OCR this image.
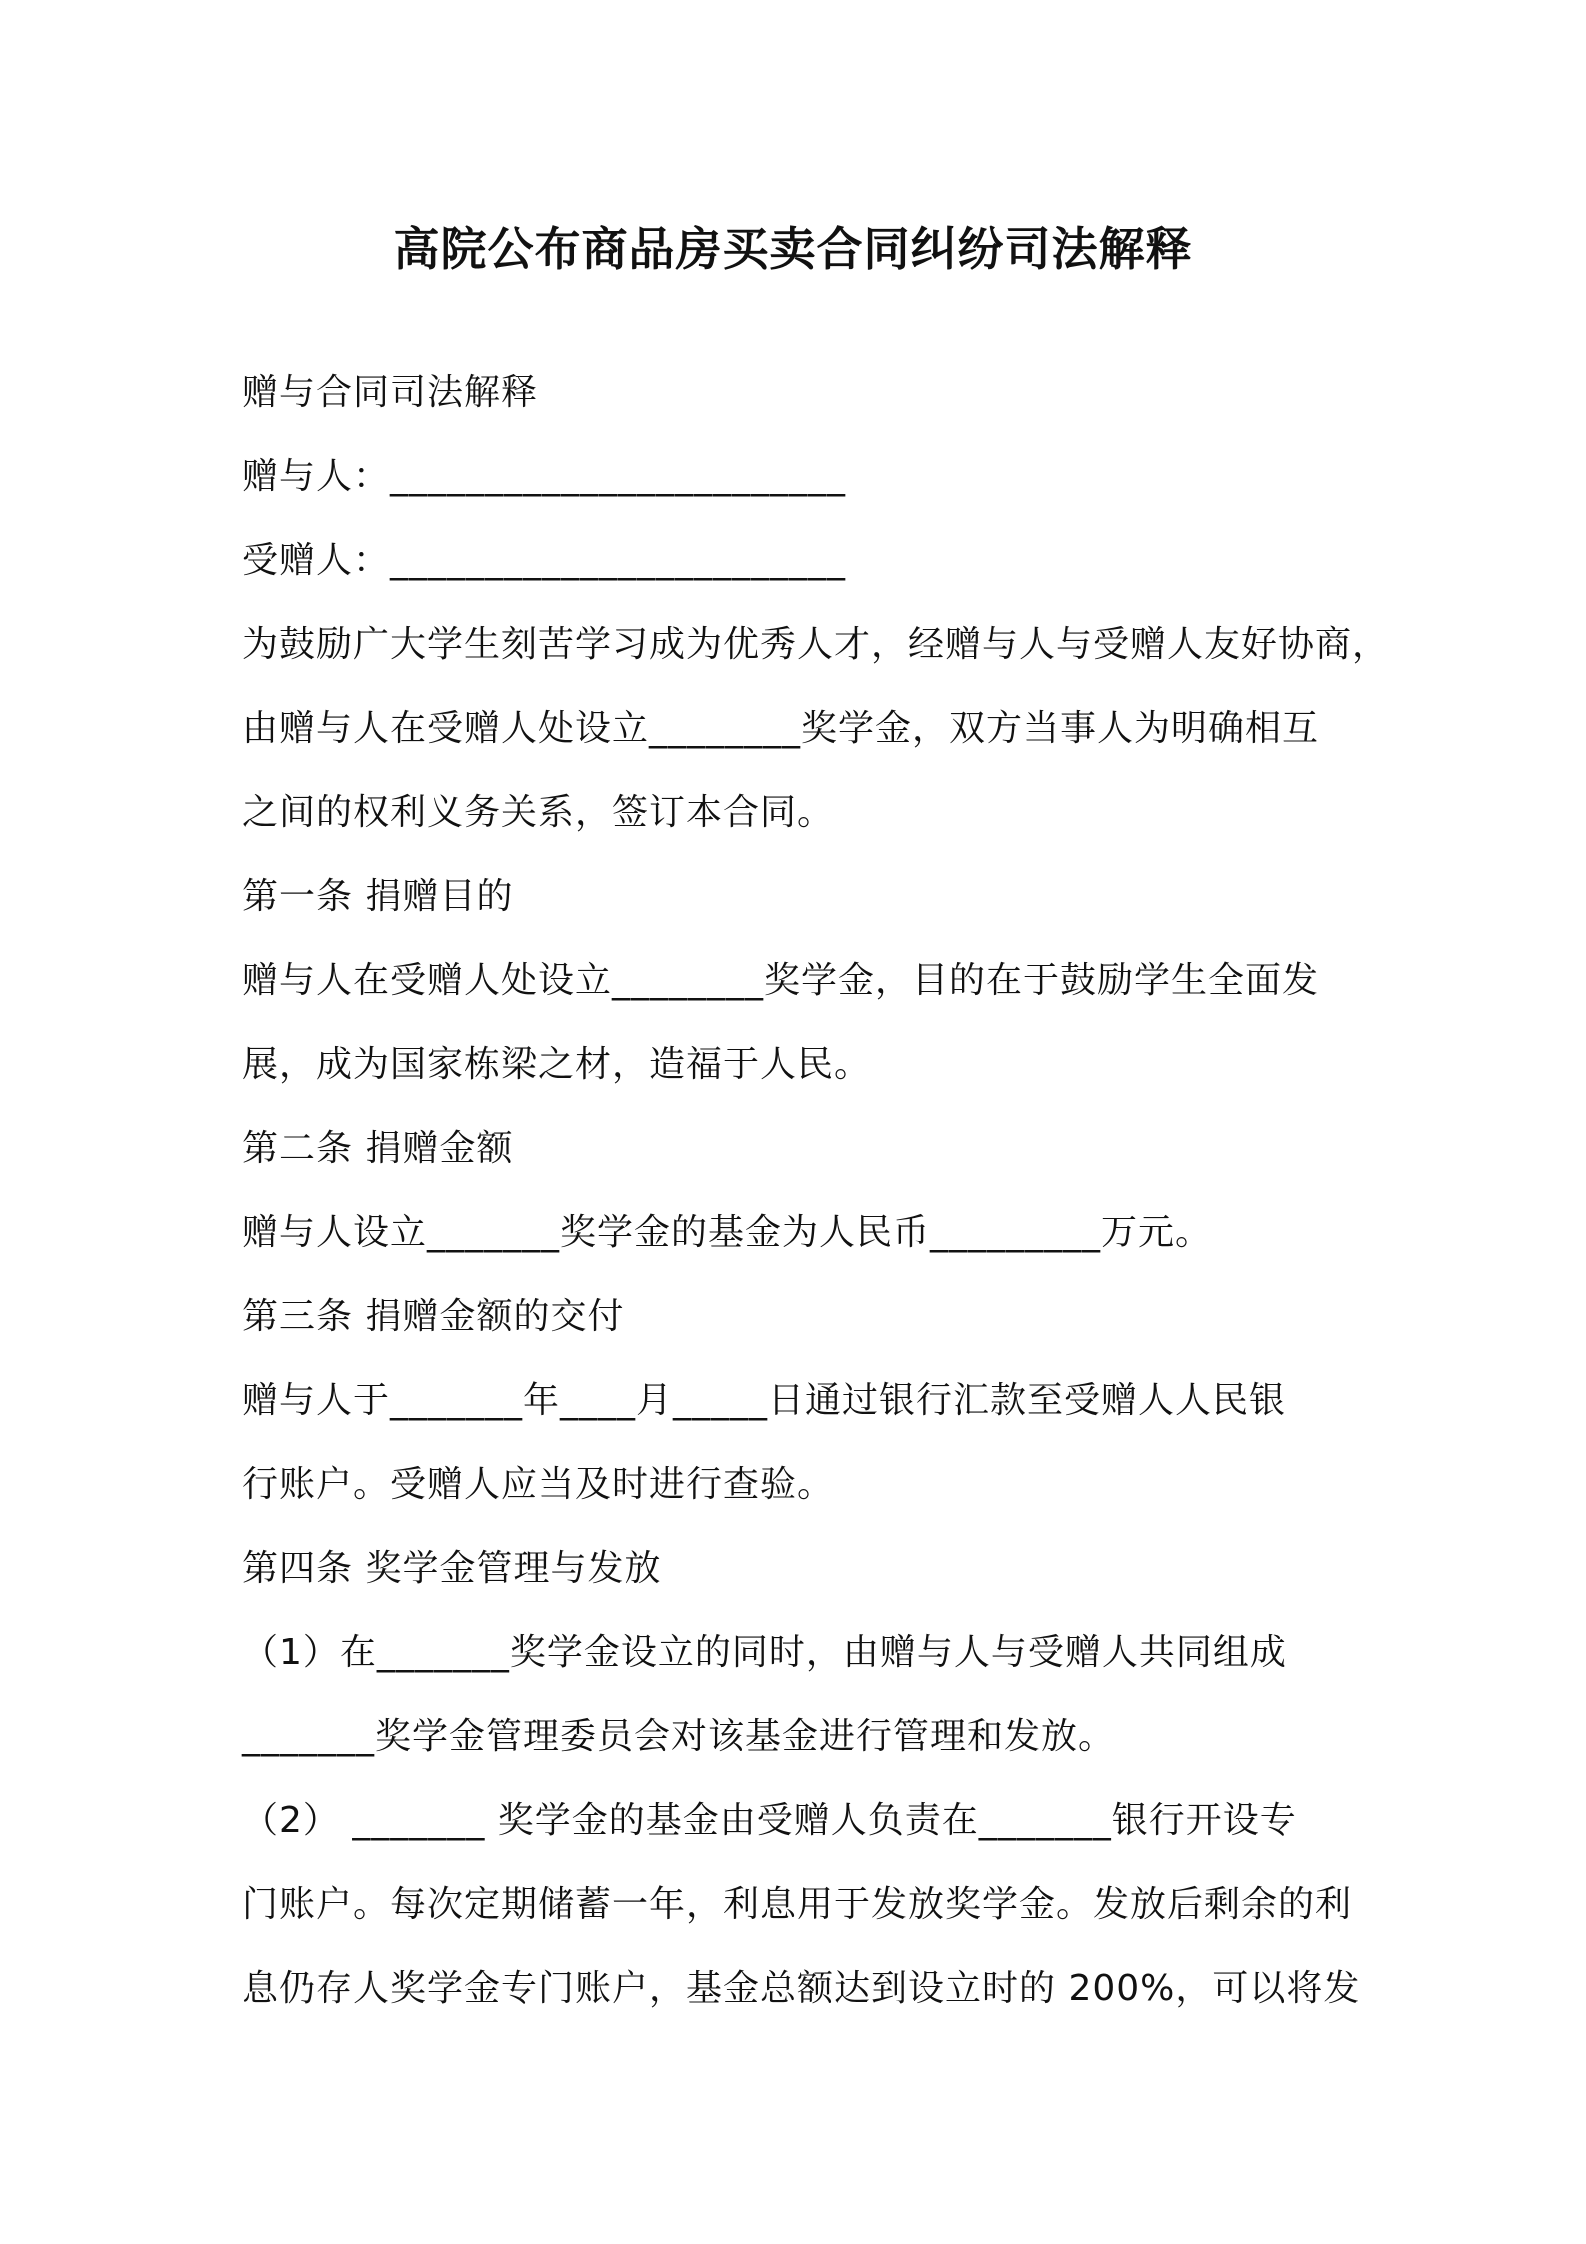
高院公布商品房买卖合同纠纷司法解释
赠与合同司法解释
赠与人：________________________
受赠人：________________________
为鼓励广大学生刻苦学习成为优秀人才，经赠与人与受赠人友好协商，
由赠与人在受赠人处设立________奖学金，双方当事人为明确相互
之间的权利义务关系，签订本合同。
第一条 捐赠目的
赠与人在受赠人处设立________奖学金，目的在于鼓励学生全面发
展，成为国家栋梁之材，造福于人民。
第二条 捐赠金额
赠与人设立_______奖学金的基金为人民币_________万元。
第三条 捐赠金额的交付
赠与人于_______年____月_____日通过银行汇款至受赠人人民银
行账户。受赠人应当及时进行查验。
第四条 奖学金管理与发放
（1）在_______奖学金设立的同时，由赠与人与受赠人共同组成
_______奖学金管理委员会对该基金进行管理和发放。
（2） _______ 奖学金的基金由受赠人负责在_______银行开设专
门账户。每次定期储蓄一年，利息用于发放奖学金。发放后剩余的利
息仍存人奖学金专门账户，基金总额达到设立时的 200%，可以将发
